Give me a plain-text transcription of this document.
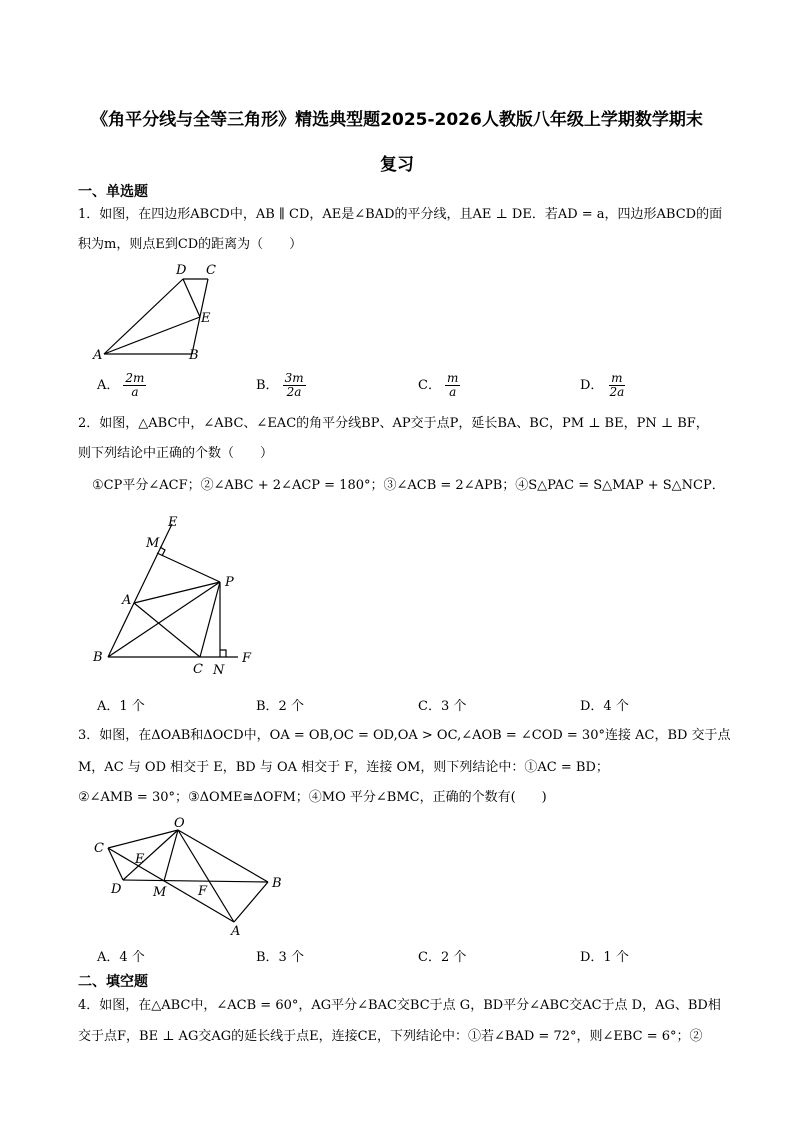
《角平分线与全等三角形》精选典型题2025-2026人教版八年级上学期数学期末
复习
一、单选题
1．如图，在四边形ABCD中，AB ∥ CD，AE是∠BAD的平分线，且AE ⊥ DE．若AD = a，四边形ABCD的面
积为m，则点E到CD的距离为（　　）
A	B
C
D
E
A． $\frac{2m}{a}$	B． $\frac{3m}{2a}$	C． $\frac{m}{a}$	D． $\frac{m}{2a}$
2．如图，△ABC中，∠ABC、∠EAC的角平分线BP、AP交于点P，延长BA、BC，PM ⊥ BE，PN ⊥ BF，
则下列结论中正确的个数（　　）
①CP平分∠ACF；②∠ABC + 2∠ACP = 180°；③∠ACB = 2∠APB；④S△PAC = S△MAP + S△NCP．
E
M
A
P
B
C N
F
A．1 个	B．2 个	C．3 个	D．4 个
3．如图，在ΔOAB和ΔOCD中，OA = OB,OC = OD,OA > OC,∠AOB = ∠COD = 30°连接 AC，BD 交于点
M，AC 与 OD 相交于 E，BD 与 OA 相交于 F，连接 OM，则下列结论中：①AC = BD；
②∠AMB = 30°；③ΔOME≅ΔOFM；④MO 平分∠BMC，正确的个数有(　　)
O
C
E
D M F
B
A
A．4 个	B．3 个	C．2 个	D．1 个
二、填空题
4．如图，在△ABC中，∠ACB = 60°，AG平分∠BAC交BC于点 G，BD平分∠ABC交AC于点 D，AG、BD相
交于点F，BE ⊥ AG交AG的延长线于点E，连接CE，下列结论中：①若∠BAD = 72°，则∠EBC = 6°；②
